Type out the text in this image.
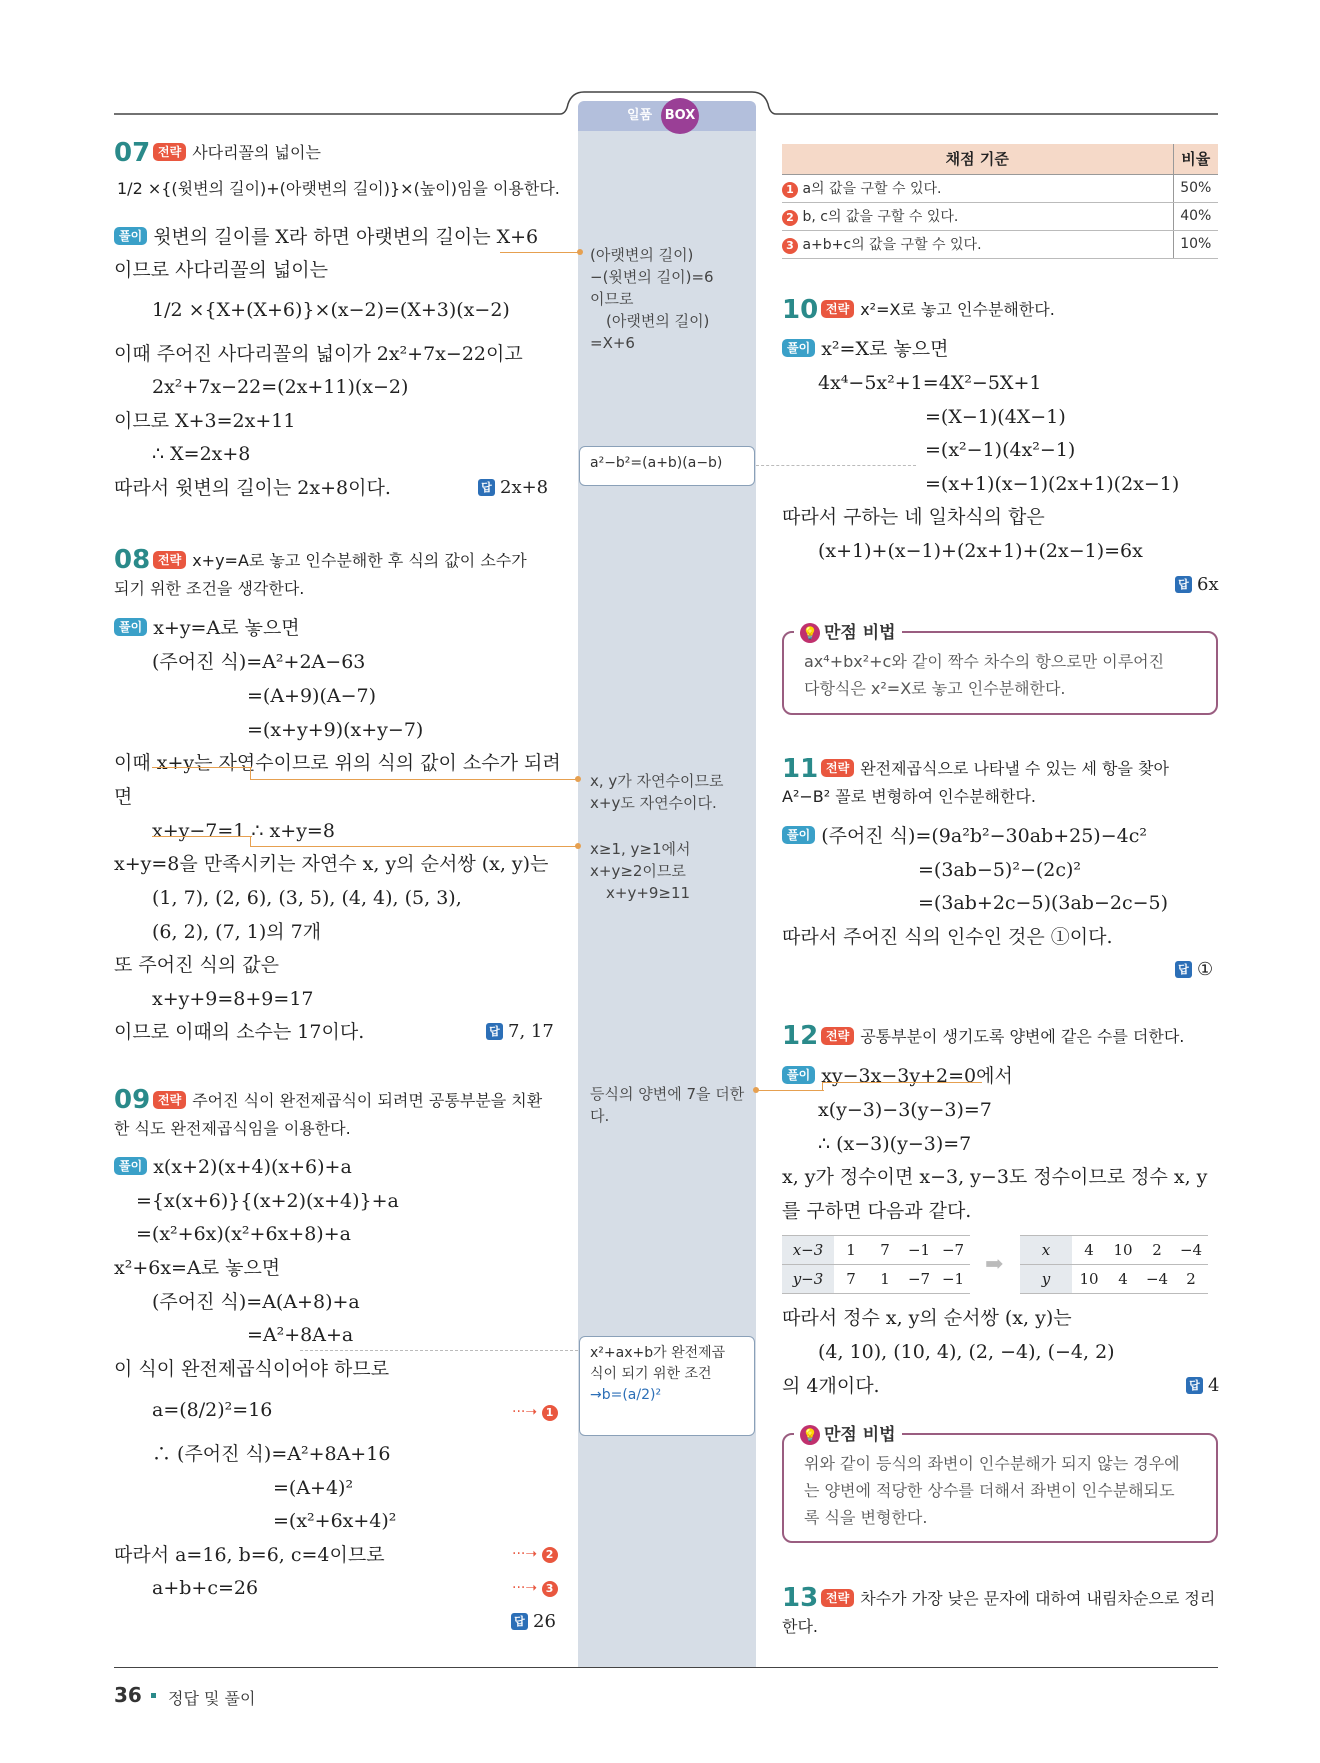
일품 BOX
07 전략 사다리꼴의 넓이는
1/2 ×{(윗변의 길이)+(아랫변의 길이)}×(높이)임을 이용한다.
풀이 윗변의 길이를 X라 하면 아랫변의 길이는 X+6
이므로 사다리꼴의 넓이는
1/2 ×{X+(X+6)}×(x−2)=(X+3)(x−2)
이때 주어진 사다리꼴의 넓이가 2x²+7x−22이고
2x²+7x−22=(2x+11)(x−2)
이므로 X+3=2x+11
∴ X=2x+8
따라서 윗변의 길이는 2x+8이다.	답 2x+8
08 전략 x+y=A로 놓고 인수분해한 후 식의 값이 소수가
되기 위한 조건을 생각한다.
풀이 x+y=A로 놓으면
(주어진 식)=A²+2A−63
=(A+9)(A−7)
=(x+y+9)(x+y−7)
이때 x+y는 자연수이므로 위의 식의 값이 소수가 되려
면
x+y−7=1 ∴ x+y=8
x+y=8을 만족시키는 자연수 x, y의 순서쌍 (x, y)는
(1, 7), (2, 6), (3, 5), (4, 4), (5, 3),
(6, 2), (7, 1)의 7개
또 주어진 식의 값은
x+y+9=8+9=17
이므로 이때의 소수는 17이다.	답 7, 17
09 전략 주어진 식이 완전제곱식이 되려면 공통부분을 치환
한 식도 완전제곱식임을 이용한다.
풀이 x(x+2)(x+4)(x+6)+a
={x(x+6)}{(x+2)(x+4)}+a
=(x²+6x)(x²+6x+8)+a
x²+6x=A로 놓으면
(주어진 식)=A(A+8)+a
=A²+8A+a
이 식이 완전제곱식이어야 하므로
a=(8/2)²=16
∴ (주어진 식)=A²+8A+16
=(A+4)²
=(x²+6x+4)²
따라서 a=16, b=6, c=4이므로
a+b+c=26
···➝ 1
···➝ 2
···➝ 3
답 26
(아랫변의 길이)
−(윗변의 길이)=6
이므로
(아랫변의 길이)
=X+6
a²−b²=(a+b)(a−b)
x, y가 자연수이므로
x+y도 자연수이다.
x≥1, y≥1에서
x+y≥2이므로
x+y+9≥11
등식의 양변에 7을 더한
다.
x²+ax+b가 완전제곱
식이 되기 위한 조건
→b=(a/2)²
채점 기준	비율
1 a의 값을 구할 수 있다.	50%
2 b, c의 값을 구할 수 있다.	40%
3 a+b+c의 값을 구할 수 있다.	10%
10 전략 x²=X로 놓고 인수분해한다.
풀이 x²=X로 놓으면
4x⁴−5x²+1=4X²−5X+1
=(X−1)(4X−1)
=(x²−1)(4x²−1)
=(x+1)(x−1)(2x+1)(2x−1)
따라서 구하는 네 일차식의 합은
(x+1)+(x−1)+(2x+1)+(2x−1)=6x
답 6x
💡 만점 비법
ax⁴+bx²+c와 같이 짝수 차수의 항으로만 이루어진
다항식은 x²=X로 놓고 인수분해한다.
11 전략 완전제곱식으로 나타낼 수 있는 세 항을 찾아
A²−B² 꼴로 변형하여 인수분해한다.
풀이 (주어진 식)=(9a²b²−30ab+25)−4c²
=(3ab−5)²−(2c)²
=(3ab+2c−5)(3ab−2c−5)
따라서 주어진 식의 인수인 것은 ①이다.
답 ①
12 전략 공통부분이 생기도록 양변에 같은 수를 더한다.
풀이 xy−3x−3y+2=0에서
x(y−3)−3(y−3)=7
∴ (x−3)(y−3)=7
x, y가 정수이면 x−3, y−3도 정수이므로 정수 x, y
를 구하면 다음과 같다.
x−3	1	7	−1	−7
y−3	7	1	−7	−1
➡
x	4	10	2	−4
y	10	4	−4	2
따라서 정수 x, y의 순서쌍 (x, y)는
(4, 10), (10, 4), (2, −4), (−4, 2)
의 4개이다.	답 4
💡 만점 비법
위와 같이 등식의 좌변이 인수분해가 되지 않는 경우에
는 양변에 적당한 상수를 더해서 좌변이 인수분해되도
록 식을 변형한다.
13 전략 차수가 가장 낮은 문자에 대하여 내림차순으로 정리
한다.
36 정답 및 풀이
